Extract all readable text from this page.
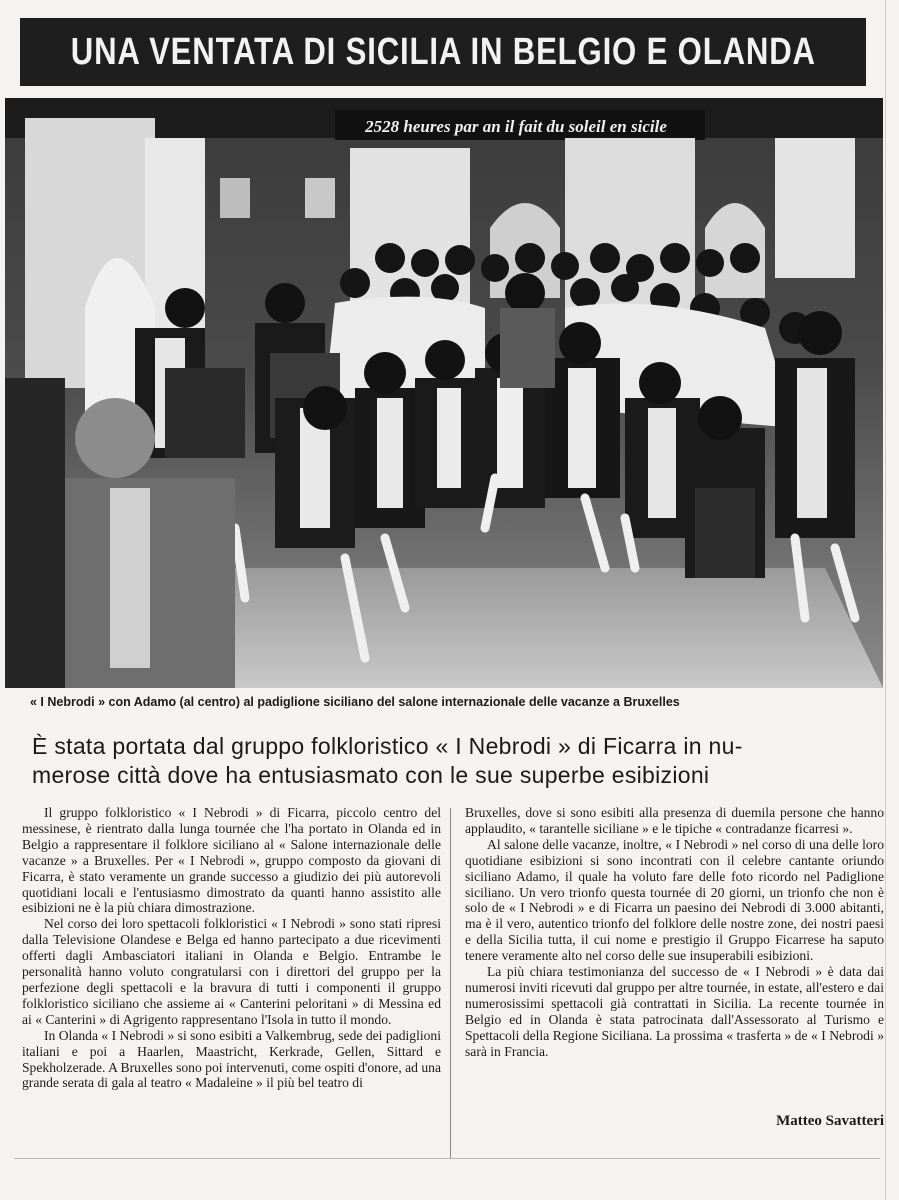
UNA VENTATA DI SICILIA IN BELGIO E OLANDA
2528 heures par an il fait du soleil en sicile
« I Nebrodi » con Adamo (al centro) al padiglione siciliano del salone internazionale delle vacanze a Bruxelles
È stata portata dal gruppo folkloristico « I Nebrodi » di Ficarra in nu-
merose città dove ha entusiasmato con le sue superbe esibizioni

Il gruppo folkloristico « I Nebrodi » di Ficarra, piccolo centro del messinese, è rientrato dalla lunga tournée che l'ha portato in Olanda ed in Belgio a rappresentare il folklore siciliano al « Salone internazionale delle vacanze » a Bruxelles. Per « I Nebrodi », gruppo composto da giovani di Ficarra, è stato veramente un grande successo a giudizio dei più autorevoli quotidiani locali e l'entusiasmo dimostrato da quanti hanno assistito alle esibizioni ne è la più chiara dimostrazione.

Nel corso dei loro spettacoli folkloristici « I Nebrodi » sono stati ripresi dalla Televisione Olandese e Belga ed hanno partecipato a due ricevimenti offerti dagli Ambasciatori italiani in Olanda e Belgio. Entrambe le personalità hanno voluto congratularsi con i direttori del gruppo per la perfezione degli spettacoli e la bravura di tutti i componenti il gruppo folkloristico siciliano che assieme ai « Canterini peloritani » di Messina ed ai « Canterini » di Agrigento rappresentano l'Isola in tutto il mondo.

In Olanda « I Nebrodi » si sono esibiti a Valkembrug, sede dei padiglioni italiani e poi a Haarlen, Maastricht, Kerkrade, Gellen, Sittard e Spekholzerade. A Bruxelles sono poi intervenuti, come ospiti d'onore, ad una grande serata di gala al teatro « Madaleine » il più bel teatro di

Bruxelles, dove si sono esibiti alla presenza di duemila persone che hanno applaudito, « tarantelle siciliane » e le tipiche « contradanze ficarresi ».

Al salone delle vacanze, inoltre, « I Nebrodi » nel corso di una delle loro quotidiane esibizioni si sono incontrati con il celebre cantante oriundo siciliano Adamo, il quale ha voluto fare delle foto ricordo nel Padiglione siciliano. Un vero trionfo questa tournée di 20 giorni, un trionfo che non è solo de « I Nebrodi » e di Ficarra un paesino dei Nebrodi di 3.000 abitanti, ma è il vero, autentico trionfo del folklore delle nostre zone, dei nostri paesi e della Sicilia tutta, il cui nome e prestigio il Gruppo Ficarrese ha saputo tenere veramente alto nel corso delle sue insuperabili esibizioni.

La più chiara testimonianza del successo de « I Nebrodi » è data dai numerosi inviti ricevuti dal gruppo per altre tournée, in estate, all'estero e dai numerosissimi spettacoli già contrattati in Sicilia. La recente tournée in Belgio ed in Olanda è stata patrocinata dall'Assessorato al Turismo e Spettacoli della Regione Siciliana. La prossima « trasferta » de « I Nebrodi » sarà in Francia.

Matteo Savatteri
